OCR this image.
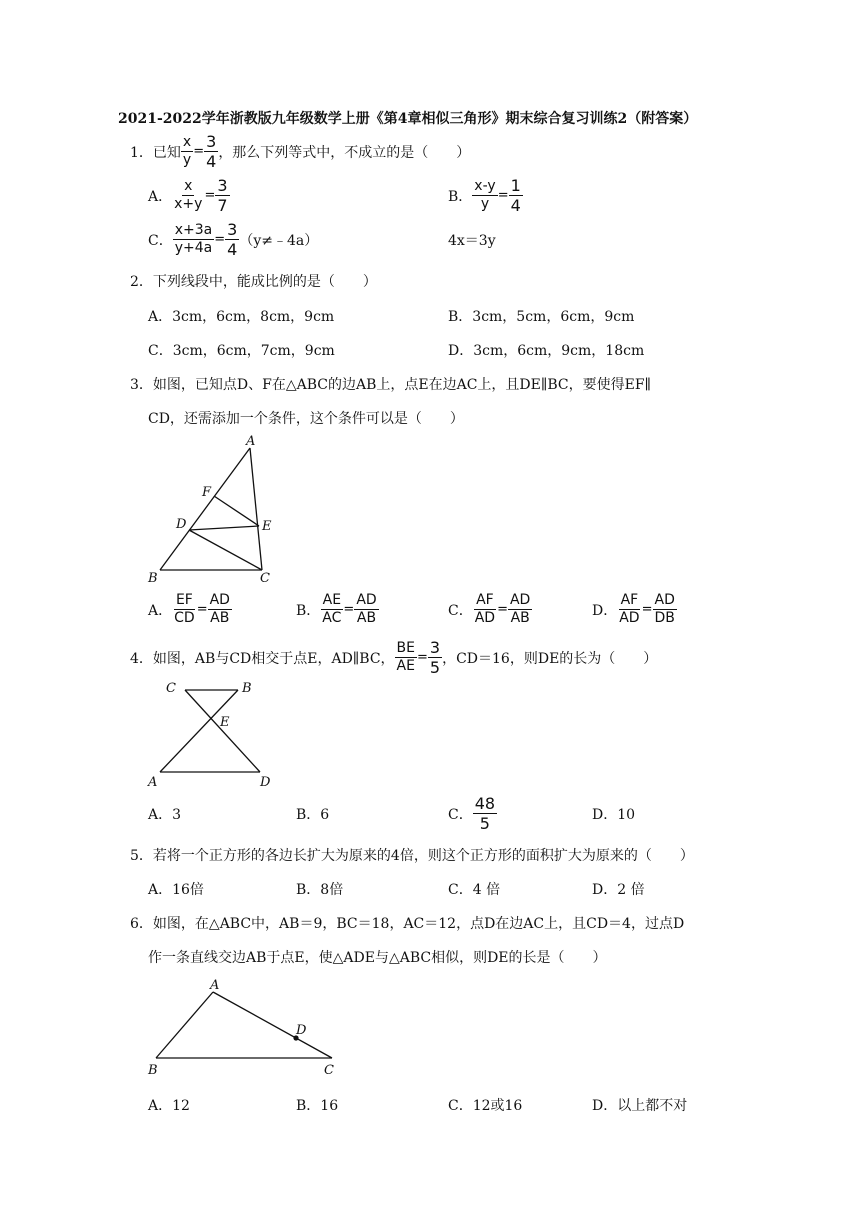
2021-2022学年浙教版九年级数学上册《第4章相似三角形》期末综合复习训练2（附答案）
1． 已知 $\frac{x}{y} = \frac{3}{4}$ ，那么下列等式中，不成立的是（　　）
A． $\frac{x}{x+y} = \frac{3}{7}$	B． $\frac{x-y}{y} = \frac{1}{4}$
C． $\frac{x+3a}{y+4a} = \frac{3}{4}$ （y≠﹣4a）	4x＝3y
2．下列线段中，能成比例的是（　　）
A．3cm，6cm，8cm，9cm	B．3cm，5cm，6cm，9cm
C．3cm，6cm，7cm，9cm	D．3cm，6cm，9cm，18cm
3．如图，已知点D、F在△ABC的边AB上，点E在边AC上，且DE∥BC，要使得EF∥
CD，还需添加一个条件，这个条件可以是（　　）
A
F
D	E
B	C
A． $\frac{EF}{CD} = \frac{AD}{AB}$	B． $\frac{AE}{AC} = \frac{AD}{AB}$	C． $\frac{AF}{AD} = \frac{AD}{AB}$	D． $\frac{AF}{AD} = \frac{AD}{DB}$
4． 如图，AB与CD相交于点E，AD∥BC， $\frac{BE}{AE} = \frac{3}{5}$ ，CD＝16，则DE的长为（　　）
C	B
E
A	D
A．3	B．6	C． $\frac{48}{5}$	D．10
5．若将一个正方形的各边长扩大为原来的4倍，则这个正方形的面积扩大为原来的（　　）
A．16倍	B．8倍	C．4 倍	D．2 倍
6．如图，在△ABC中，AB＝9，BC＝18，AC＝12，点D在边AC上，且CD＝4，过点D
作一条直线交边AB于点E，使△ADE与△ABC相似，则DE的长是（　　）
A
D
B	C
A．12	B．16	C．12或16	D．以上都不对
